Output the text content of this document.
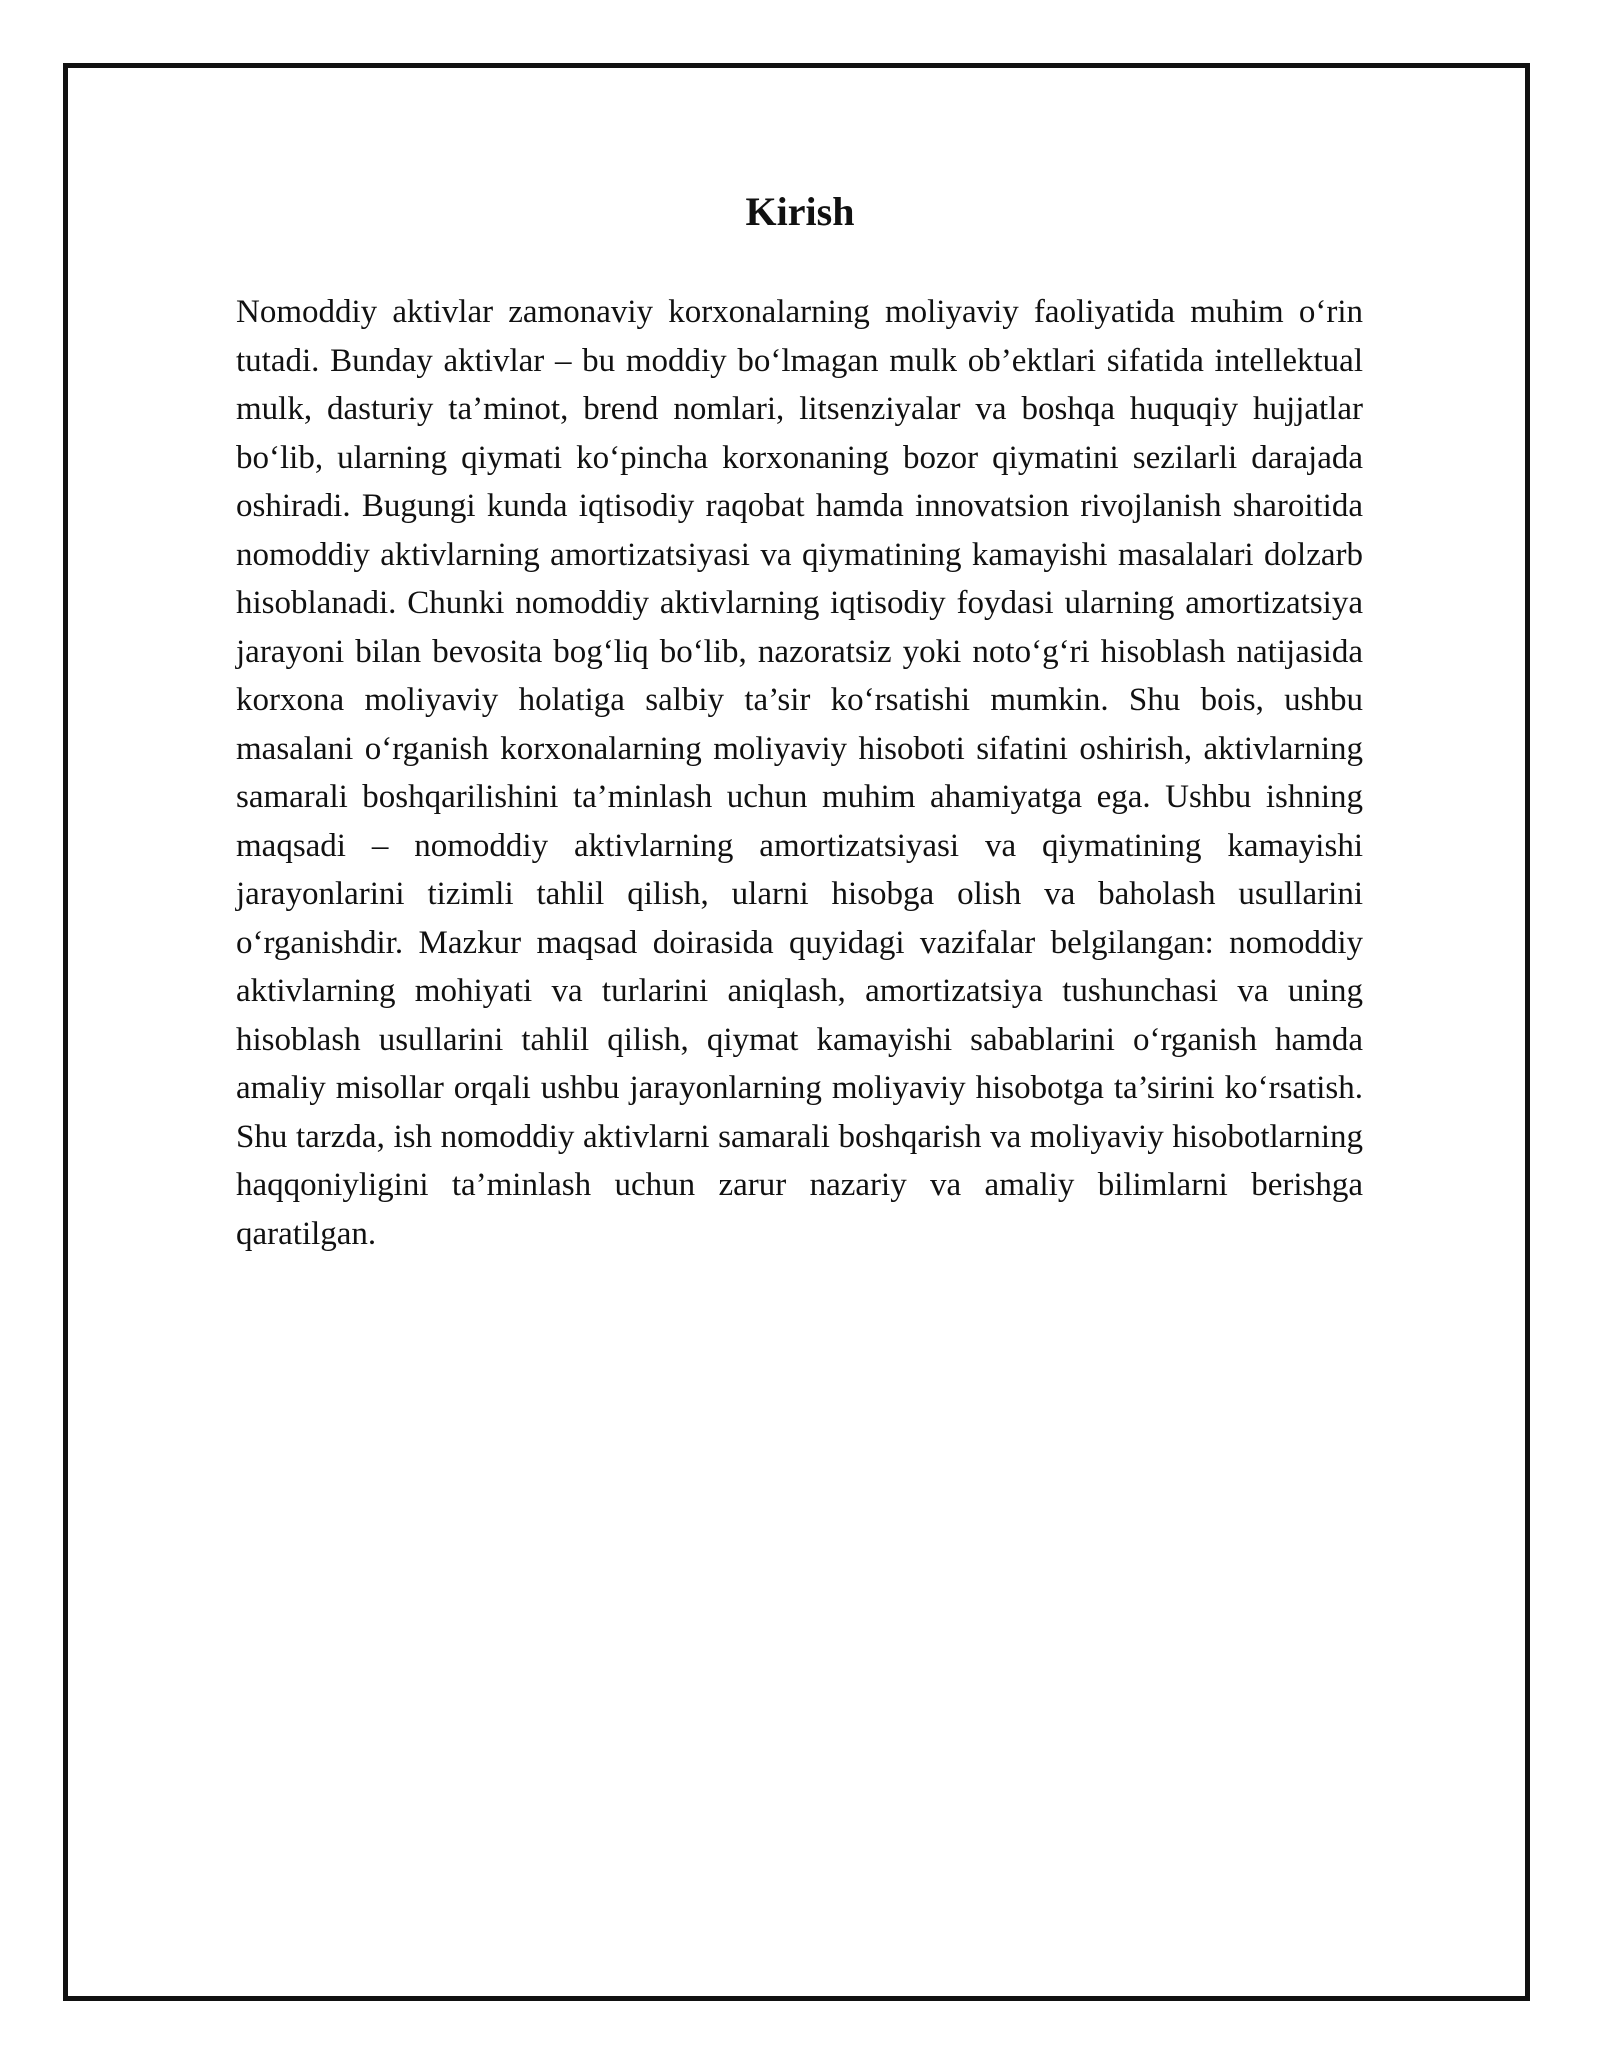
Kirish

Nomoddiy aktivlar zamonaviy korxonalarning moliyaviy faoliyatida muhim o‘rin tutadi. Bunday aktivlar – bu moddiy bo‘lmagan mulk ob’ektlari sifatida intellektual mulk, dasturiy ta’minot, brend nomlari, litsenziyalar va boshqa huquqiy hujjatlar bo‘lib, ularning qiymati ko‘pincha korxonaning bozor qiymatini sezilarli darajada oshiradi. Bugungi kunda iqtisodiy raqobat hamda innovatsion rivojlanish sharoitida nomoddiy aktivlarning amortizatsiyasi va qiymatining kamayishi masalalari dolzarb hisoblanadi. Chunki nomoddiy aktivlarning iqtisodiy foydasi ularning amortizatsiya jarayoni bilan bevosita bog‘liq bo‘lib, nazoratsiz yoki noto‘g‘ri hisoblash natijasida korxona moliyaviy holatiga salbiy ta’sir ko‘rsatishi mumkin. Shu bois, ushbu masalani o‘rganish korxonalarning moliyaviy hisoboti sifatini oshirish, aktivlarning samarali boshqarilishini ta’minlash uchun muhim ahamiyatga ega. Ushbu ishning maqsadi – nomoddiy aktivlarning amortizatsiyasi va qiymatining kamayishi jarayonlarini tizimli tahlil qilish, ularni hisobga olish va baholash usullarini o‘rganishdir. Mazkur maqsad doirasida quyidagi vazifalar belgilangan: nomoddiy aktivlarning mohiyati va turlarini aniqlash, amortizatsiya tushunchasi va uning hisoblash usullarini tahlil qilish, qiymat kamayishi sabablarini o‘rganish hamda amaliy misollar orqali ushbu jarayonlarning moliyaviy hisobotga ta’sirini ko‘rsatish. Shu tarzda, ish nomoddiy aktivlarni samarali boshqarish va moliyaviy hisobotlarning haqqoniyligini ta’minlash uchun zarur nazariy va amaliy bilimlarni berishga qaratilgan.
